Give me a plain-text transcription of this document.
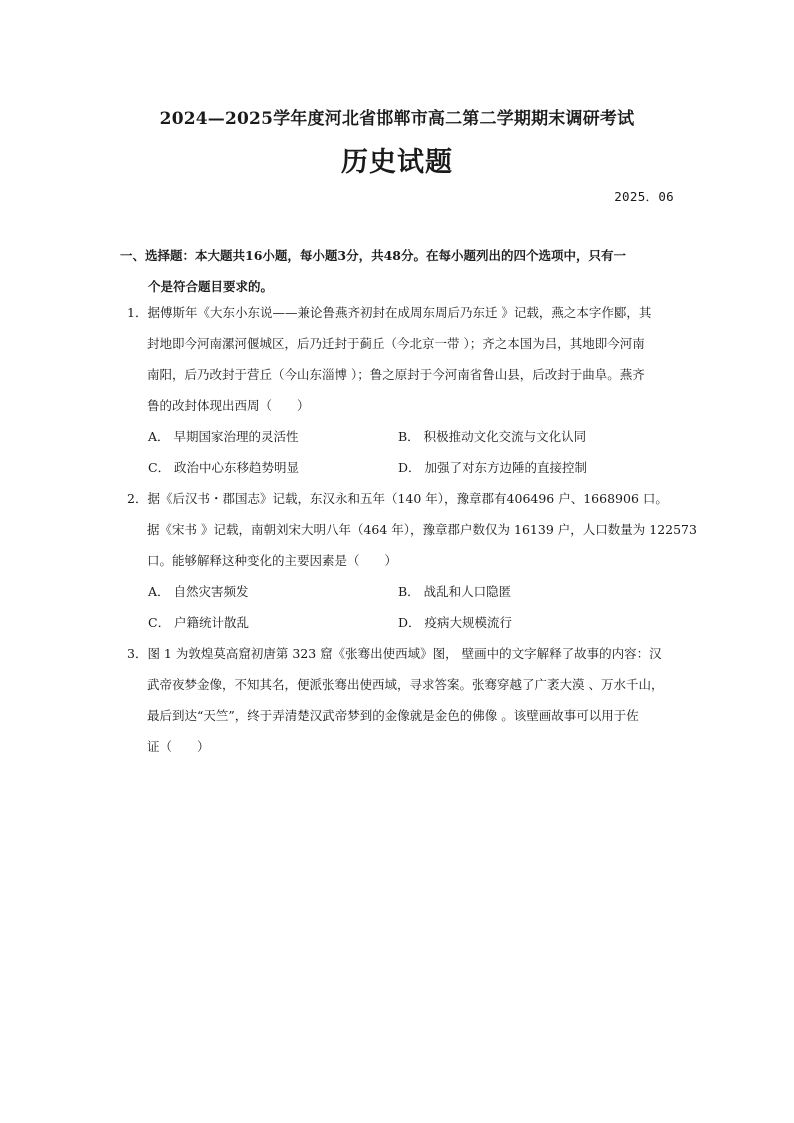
2024—2025学年度河北省邯郸市高二第二学期期末调研考试
历史试题
2025．06
一、选择题：本大题共16小题，每小题3分，共48分。在每小题列出的四个选项中，只有一
个是符合题目要求的。
1．据傅斯年《大东小东说——兼论鲁燕齐初封在成周东周后乃东迁 》记载，燕之本字作郾，其
封地即今河南漯河偃城区，后乃迁封于蓟丘（今北京一带 ）；齐之本国为吕，其地即今河南
南阳，后乃改封于营丘（今山东淄博 ）；鲁之原封于今河南省鲁山县，后改封于曲阜。燕齐
鲁的改封体现出西周（　　）
A． 早期国家治理的灵活性	B． 积极推动文化交流与文化认同
C． 政治中心东移趋势明显	D． 加强了对东方边陲的直接控制
2．据《后汉书・郡国志》记载，东汉永和五年（140 年），豫章郡有406496 户、1668906 口。
据《宋书 》记载，南朝刘宋大明八年（464 年），豫章郡户数仅为 16139 户，人口数量为 122573
口。能够解释这种变化的主要因素是（　　）
A． 自然灾害频发	B． 战乱和人口隐匿
C． 户籍统计散乱	D． 疫病大规模流行
3．图 1 为敦煌莫高窟初唐第 323 窟《张骞出使西域》图， 壁画中的文字解释了故事的内容：汉
武帝夜梦金像，不知其名，便派张骞出使西域，寻求答案。张骞穿越了广袤大漠 、万水千山，
最后到达“天竺”，终于弄清楚汉武帝梦到的金像就是金色的佛像 。该壁画故事可以用于佐
证（　　）
